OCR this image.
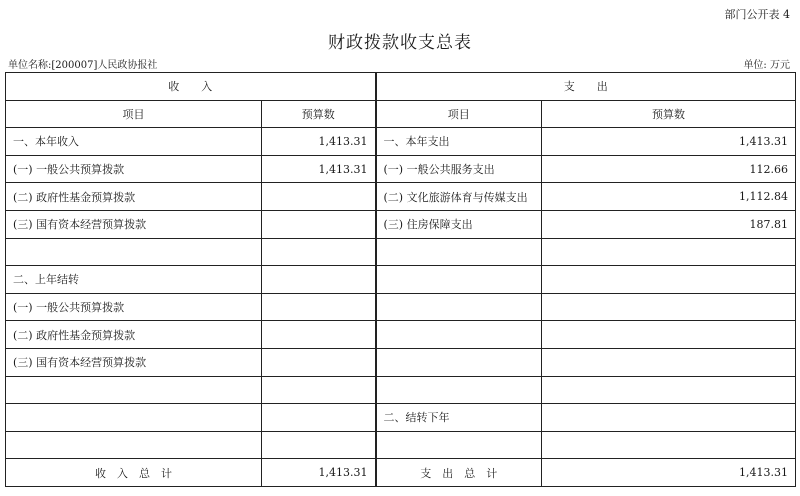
部门公开表 4
财政拨款收支总表
单位名称:[200007]人民政协报社	单位: 万元
收　　入		支　　出	
项目	预算数	项目	预算数
一、本年收入	1,413.31	一、本年支出	1,413.31
(一) 一般公共预算拨款	1,413.31	(一) 一般公共服务支出	112.66
(二) 政府性基金预算拨款		(二) 文化旅游体育与传媒支出	1,112.84
(三) 国有资本经营预算拨款		(三) 住房保障支出	187.81

二、上年结转			
(一) 一般公共预算拨款			
(二) 政府性基金预算拨款			
(三) 国有资本经营预算拨款			

		二、结转下年	

收　入　总　计	1,413.31	支　出　总　计	1,413.31
